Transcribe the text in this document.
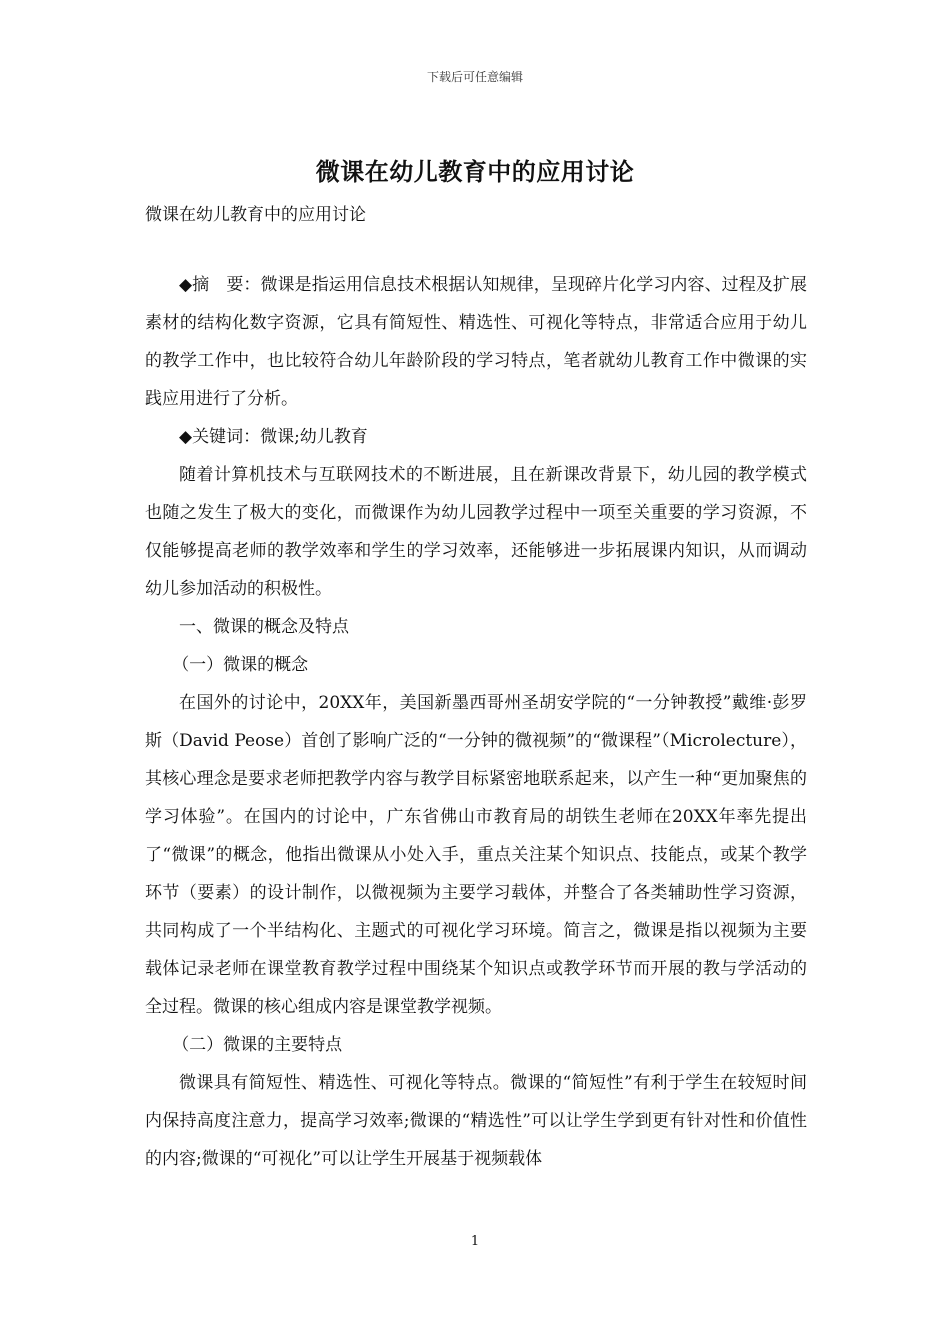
下载后可任意编辑
微课在幼儿教育中的应用讨论
微课在幼儿教育中的应用讨论

◆摘　要：微课是指运用信息技术根据认知规律，呈现碎片化学习内容、过程及扩展素材的结构化数字资源，它具有简短性、精选性、可视化等特点，非常适合应用于幼儿的教学工作中，也比较符合幼儿年龄阶段的学习特点，笔者就幼儿教育工作中微课的实践应用进行了分析。

◆关键词：微课;幼儿教育

随着计算机技术与互联网技术的不断进展，且在新课改背景下，幼儿园的教学模式也随之发生了极大的变化，而微课作为幼儿园教学过程中一项至关重要的学习资源，不仅能够提高老师的教学效率和学生的学习效率，还能够进一步拓展课内知识，从而调动幼儿参加活动的积极性。

一、微课的概念及特点

（一）微课的概念

在国外的讨论中，20XX年，美国新墨西哥州圣胡安学院的“一分钟教授”戴维·彭罗斯（David Peose）首创了影响广泛的“一分钟的微视频”的“微课程”（Microlecture），其核心理念是要求老师把教学内容与教学目标紧密地联系起来，以产生一种“更加聚焦的学习体验”。在国内的讨论中，广东省佛山市教育局的胡铁生老师在20XX年率先提出了“微课”的概念，他指出微课从小处入手，重点关注某个知识点、技能点，或某个教学环节（要素）的设计制作，以微视频为主要学习载体，并整合了各类辅助性学习资源，共同构成了一个半结构化、主题式的可视化学习环境。简言之，微课是指以视频为主要载体记录老师在课堂教育教学过程中围绕某个知识点或教学环节而开展的教与学活动的全过程。微课的核心组成内容是课堂教学视频。

（二）微课的主要特点

微课具有简短性、精选性、可视化等特点。微课的“简短性”有利于学生在较短时间内保持高度注意力，提高学习效率;微课的“精选性”可以让学生学到更有针对性和价值性的内容;微课的“可视化”可以让学生开展基于视频载体

1
